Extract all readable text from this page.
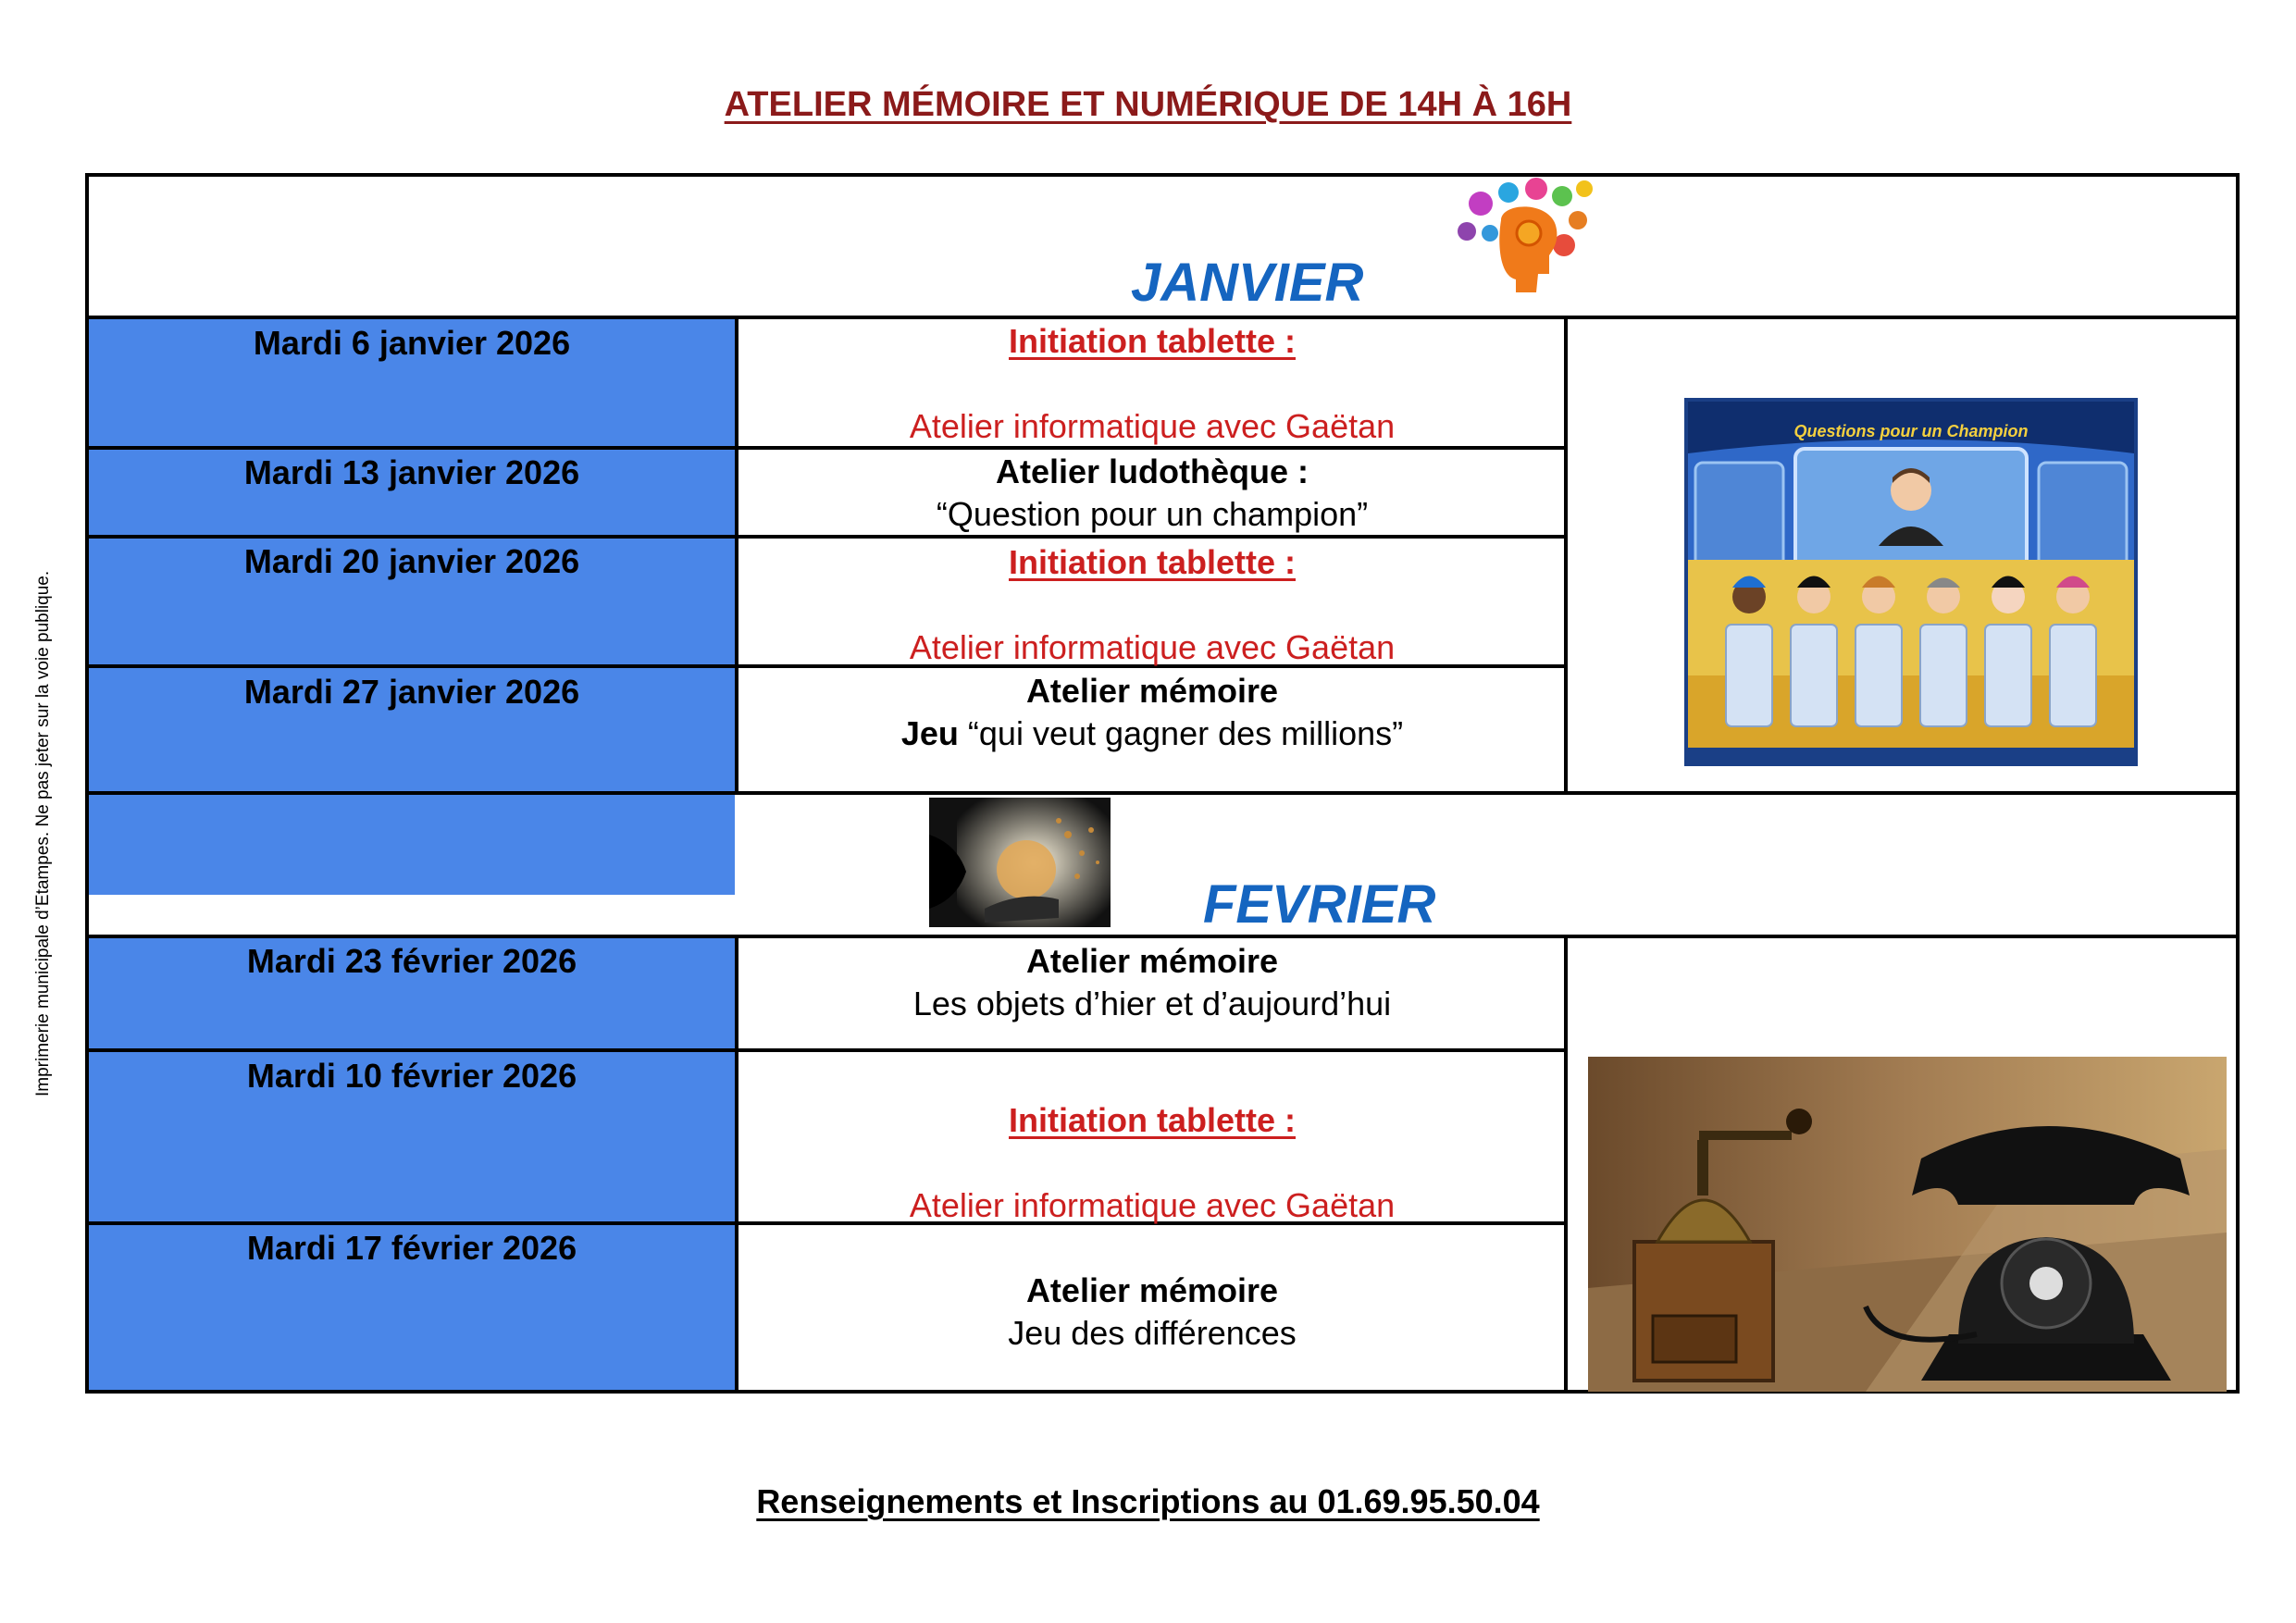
ATELIER MÉMOIRE ET NUMÉRIQUE DE 14H À 16H
Imprimerie municipale d’Etampes. Ne pas jeter sur la voie publique.
JANVIER
Mardi 6 janvier 2026	Initiation tablette :
Atelier informatique avec Gaëtan
Mardi 13 janvier 2026	Atelier ludothèque :
“Question pour un champion”
Mardi 20 janvier 2026	Initiation tablette :
Atelier informatique avec Gaëtan
Mardi 27 janvier 2026	Atelier mémoire
Jeu “qui veut gagner des millions”
Questions pour un Champion
FEVRIER
Mardi 23 février 2026	Atelier mémoire
Les objets d’hier et d’aujourd’hui
Mardi 10 février 2026
Initiation tablette :
Atelier informatique avec Gaëtan
Mardi 17 février 2026
Atelier mémoire
Jeu des différences
Renseignements et Inscriptions au 01.69.95.50.04
